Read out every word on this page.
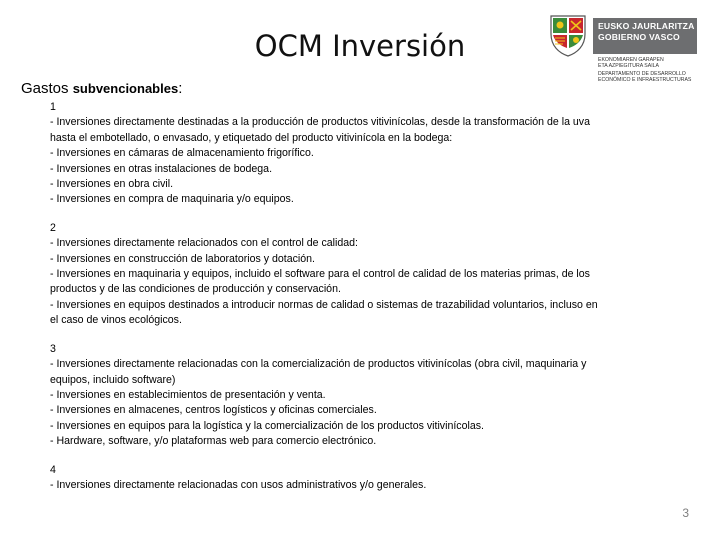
OCM Inversión
EUSKO JAURLARITZA
GOBIERNO VASCO
EKONOMIAREN GARAPEN
ETA AZPIEGITURA SAILA
DEPARTAMENTO DE DESARROLLO
ECONÓMICO E INFRAESTRUCTURAS
Gastos subvencionables:
1
- Inversiones directamente destinadas a la producción de productos vitivinícolas, desde la transformación de la uva
hasta el embotellado, o envasado, y etiquetado del producto vitivinícola en la bodega:
- Inversiones en cámaras de almacenamiento frigorífico.
- Inversiones en otras instalaciones de bodega.
- Inversiones en obra civil.
- Inversiones en compra de maquinaria y/o equipos.
2
- Inversiones directamente relacionados con el control de calidad:
- Inversiones en construcción de laboratorios y dotación.
- Inversiones en maquinaria y equipos, incluido el software para el control de calidad de los materias primas, de los
productos y de las condiciones de producción y conservación.
- Inversiones en equipos destinados a introducir normas de calidad o sistemas de trazabilidad voluntarios, incluso en
el caso de vinos ecológicos.
3
- Inversiones directamente relacionadas con la comercialización de productos vitivinícolas (obra civil, maquinaria y
equipos, incluido software)
- Inversiones en establecimientos de presentación y venta.
- Inversiones en almacenes, centros logísticos y oficinas comerciales.
- Inversiones en equipos para la logística y la comercialización de los productos vitivinícolas.
- Hardware, software, y/o plataformas web para comercio electrónico.
4
- Inversiones directamente relacionadas con usos administrativos y/o generales.
3
